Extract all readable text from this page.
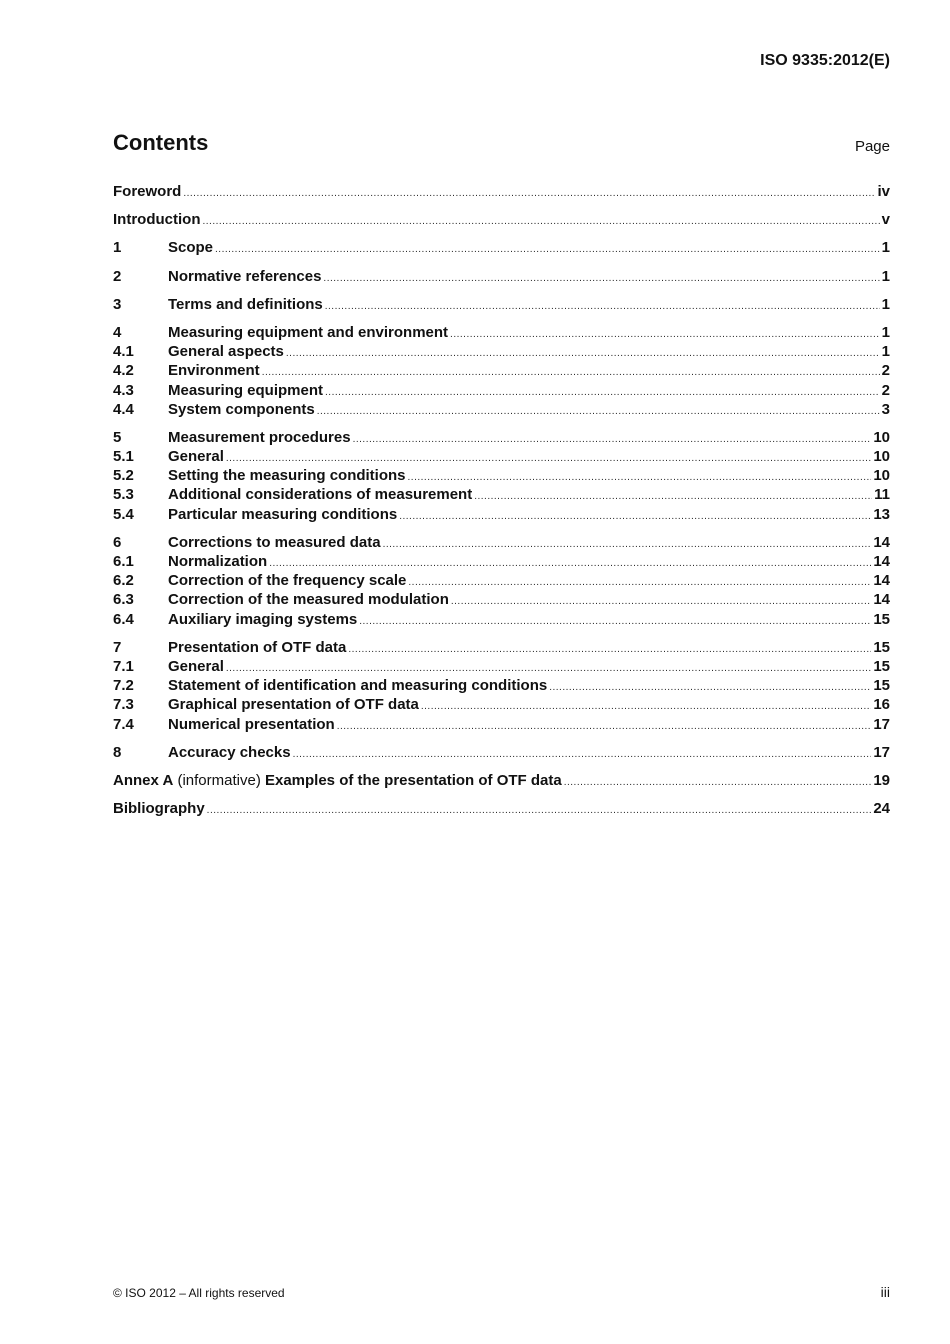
ISO 9335:2012(E)
Contents	Page
Foreword .....	iv
Introduction .....	v
1	Scope .....	1
2	Normative references .....	1
3	Terms and definitions .....	1
4	Measuring equipment and environment .....	1
4.1	General aspects .....	1
4.2	Environment .....	2
4.3	Measuring equipment .....	2
4.4	System components .....	3
5	Measurement procedures .....	10
5.1	General .....	10
5.2	Setting the measuring conditions .....	10
5.3	Additional considerations of measurement .....	11
5.4	Particular measuring conditions .....	13
6	Corrections to measured data .....	14
6.1	Normalization .....	14
6.2	Correction of the frequency scale .....	14
6.3	Correction of the measured modulation .....	14
6.4	Auxiliary imaging systems .....	15
7	Presentation of OTF data .....	15
7.1	General .....	15
7.2	Statement of identification and measuring conditions .....	15
7.3	Graphical presentation of OTF data .....	16
7.4	Numerical presentation .....	17
8	Accuracy checks .....	17
Annex A (informative) Examples of the presentation of OTF data .....	19
Bibliography .....	24
© ISO 2012 – All rights reserved	iii
